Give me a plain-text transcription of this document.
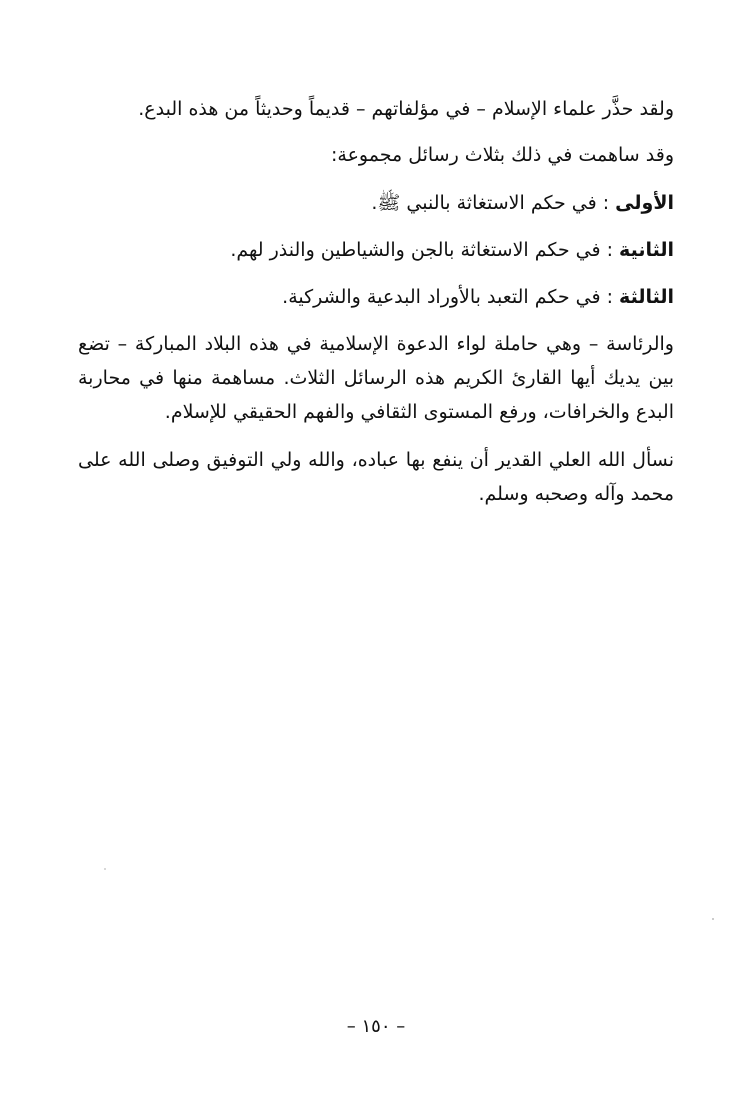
ولقد حذَّر علماء الإسلام – في مؤلفاتهم – قديماً وحديثاً من هذه البدع.

وقد ساهمت في ذلك بثلاث رسائل مجموعة:

الأولى : في حكم الاستغاثة بالنبي ﷺ.

الثانية : في حكم الاستغاثة بالجن والشياطين والنذر لهم.

الثالثة : في حكم التعبد بالأوراد البدعية والشركية.

والرئاسة – وهي حاملة لواء الدعوة الإسلامية في هذه البلاد المباركة – تضع بين يديك أيها القارئ الكريم هذه الرسائل الثلاث. مساهمة منها في محاربة البدع والخرافات، ورفع المستوى الثقافي والفهم الحقيقي للإسلام.

نسأل الله العلي القدير أن ينفع بها عباده، والله ولي التوفيق وصلى الله على محمد وآله وصحبه وسلم.

– ١٥٠ –
